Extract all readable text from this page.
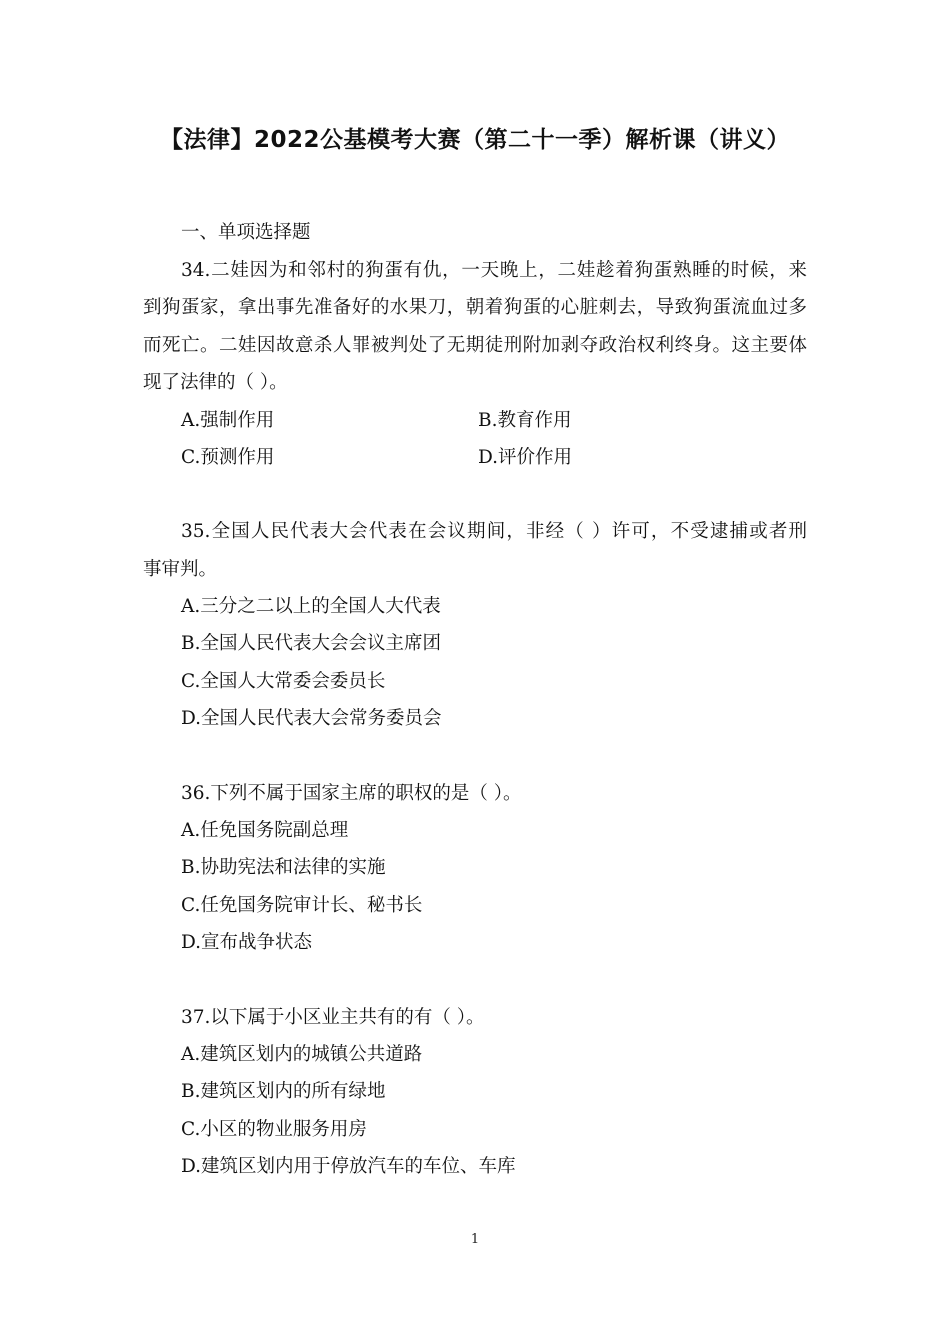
【法律】2022公基模考大赛（第二十一季）解析课（讲义）
一、单项选择题
34.二娃因为和邻村的狗蛋有仇，一天晚上，二娃趁着狗蛋熟睡的时候，来
到狗蛋家，拿出事先准备好的水果刀，朝着狗蛋的心脏刺去，导致狗蛋流血过多
而死亡。二娃因故意杀人罪被判处了无期徒刑附加剥夺政治权利终身。这主要体
现了法律的（ ）。
A.强制作用	B.教育作用
C.预测作用	D.评价作用
35.全国人民代表大会代表在会议期间，非经（ ）许可，不受逮捕或者刑
事审判。
A.三分之二以上的全国人大代表
B.全国人民代表大会会议主席团
C.全国人大常委会委员长
D.全国人民代表大会常务委员会
36.下列不属于国家主席的职权的是（ ）。
A.任免国务院副总理
B.协助宪法和法律的实施
C.任免国务院审计长、秘书长
D.宣布战争状态
37.以下属于小区业主共有的有（ ）。
A.建筑区划内的城镇公共道路
B.建筑区划内的所有绿地
C.小区的物业服务用房
D.建筑区划内用于停放汽车的车位、车库
1
